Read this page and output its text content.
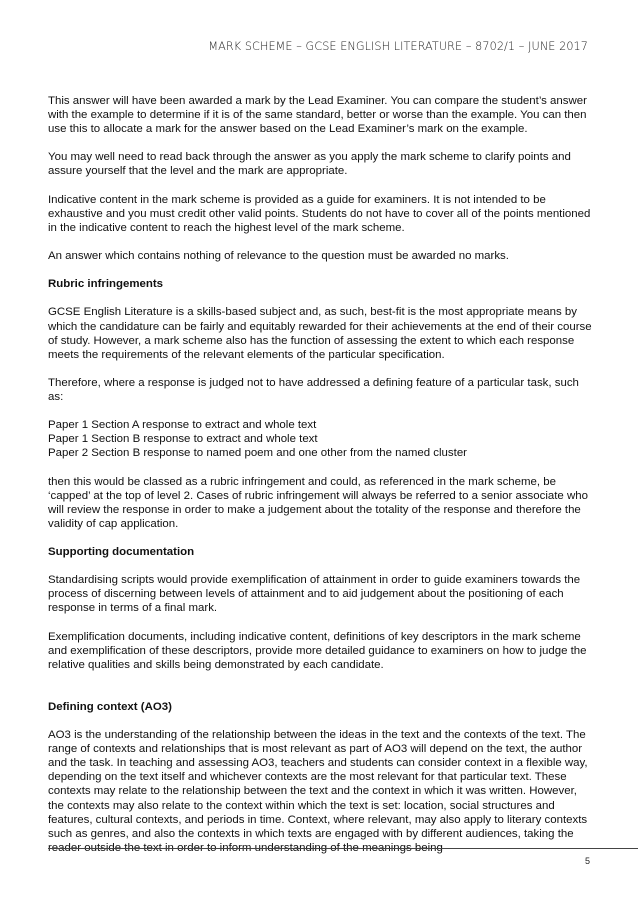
MARK SCHEME – GCSE ENGLISH LITERATURE – 8702/1 – JUNE 2017

This answer will have been awarded a mark by the Lead Examiner. You can compare the student’s answer with the example to determine if it is of the same standard, better or worse than the example. You can then use this to allocate a mark for the answer based on the Lead Examiner’s mark on the example.

You may well need to read back through the answer as you apply the mark scheme to clarify points and assure yourself that the level and the mark are appropriate.

Indicative content in the mark scheme is provided as a guide for examiners. It is not intended to be exhaustive and you must credit other valid points. Students do not have to cover all of the points mentioned in the indicative content to reach the highest level of the mark scheme.

An answer which contains nothing of relevance to the question must be awarded no marks.

Rubric infringements

GCSE English Literature is a skills-based subject and, as such, best-fit is the most appropriate means by which the candidature can be fairly and equitably rewarded for their achievements at the end of their course of study. However, a mark scheme also has the function of assessing the extent to which each response meets the requirements of the relevant elements of the particular specification.

Therefore, where a response is judged not to have addressed a defining feature of a particular task, such as:

Paper 1 Section A response to extract and whole text

Paper 1 Section B response to extract and whole text

Paper 2 Section B response to named poem and one other from the named cluster

then this would be classed as a rubric infringement and could, as referenced in the mark scheme, be ‘capped’ at the top of level 2. Cases of rubric infringement will always be referred to a senior associate who will review the response in order to make a judgement about the totality of the response and therefore the validity of cap application.

Supporting documentation

Standardising scripts would provide exemplification of attainment in order to guide examiners towards the process of discerning between levels of attainment and to aid judgement about the positioning of each response in terms of a final mark.

Exemplification documents, including indicative content, definitions of key descriptors in the mark scheme and exemplification of these descriptors, provide more detailed guidance to examiners on how to judge the relative qualities and skills being demonstrated by each candidate.

Defining context (AO3)

AO3 is the understanding of the relationship between the ideas in the text and the contexts of the text. The range of contexts and relationships that is most relevant as part of AO3 will depend on the text, the author and the task. In teaching and assessing AO3, teachers and students can consider context in a flexible way, depending on the text itself and whichever contexts are the most relevant for that particular text. These contexts may relate to the relationship between the text and the context in which it was written. However, the contexts may also relate to the context within which the text is set: location, social structures and features, cultural contexts, and periods in time. Context, where relevant, may also apply to literary contexts such as genres, and also the contexts in which texts are engaged with by different audiences, taking the reader outside the text in order to inform understanding of the meanings being

5
